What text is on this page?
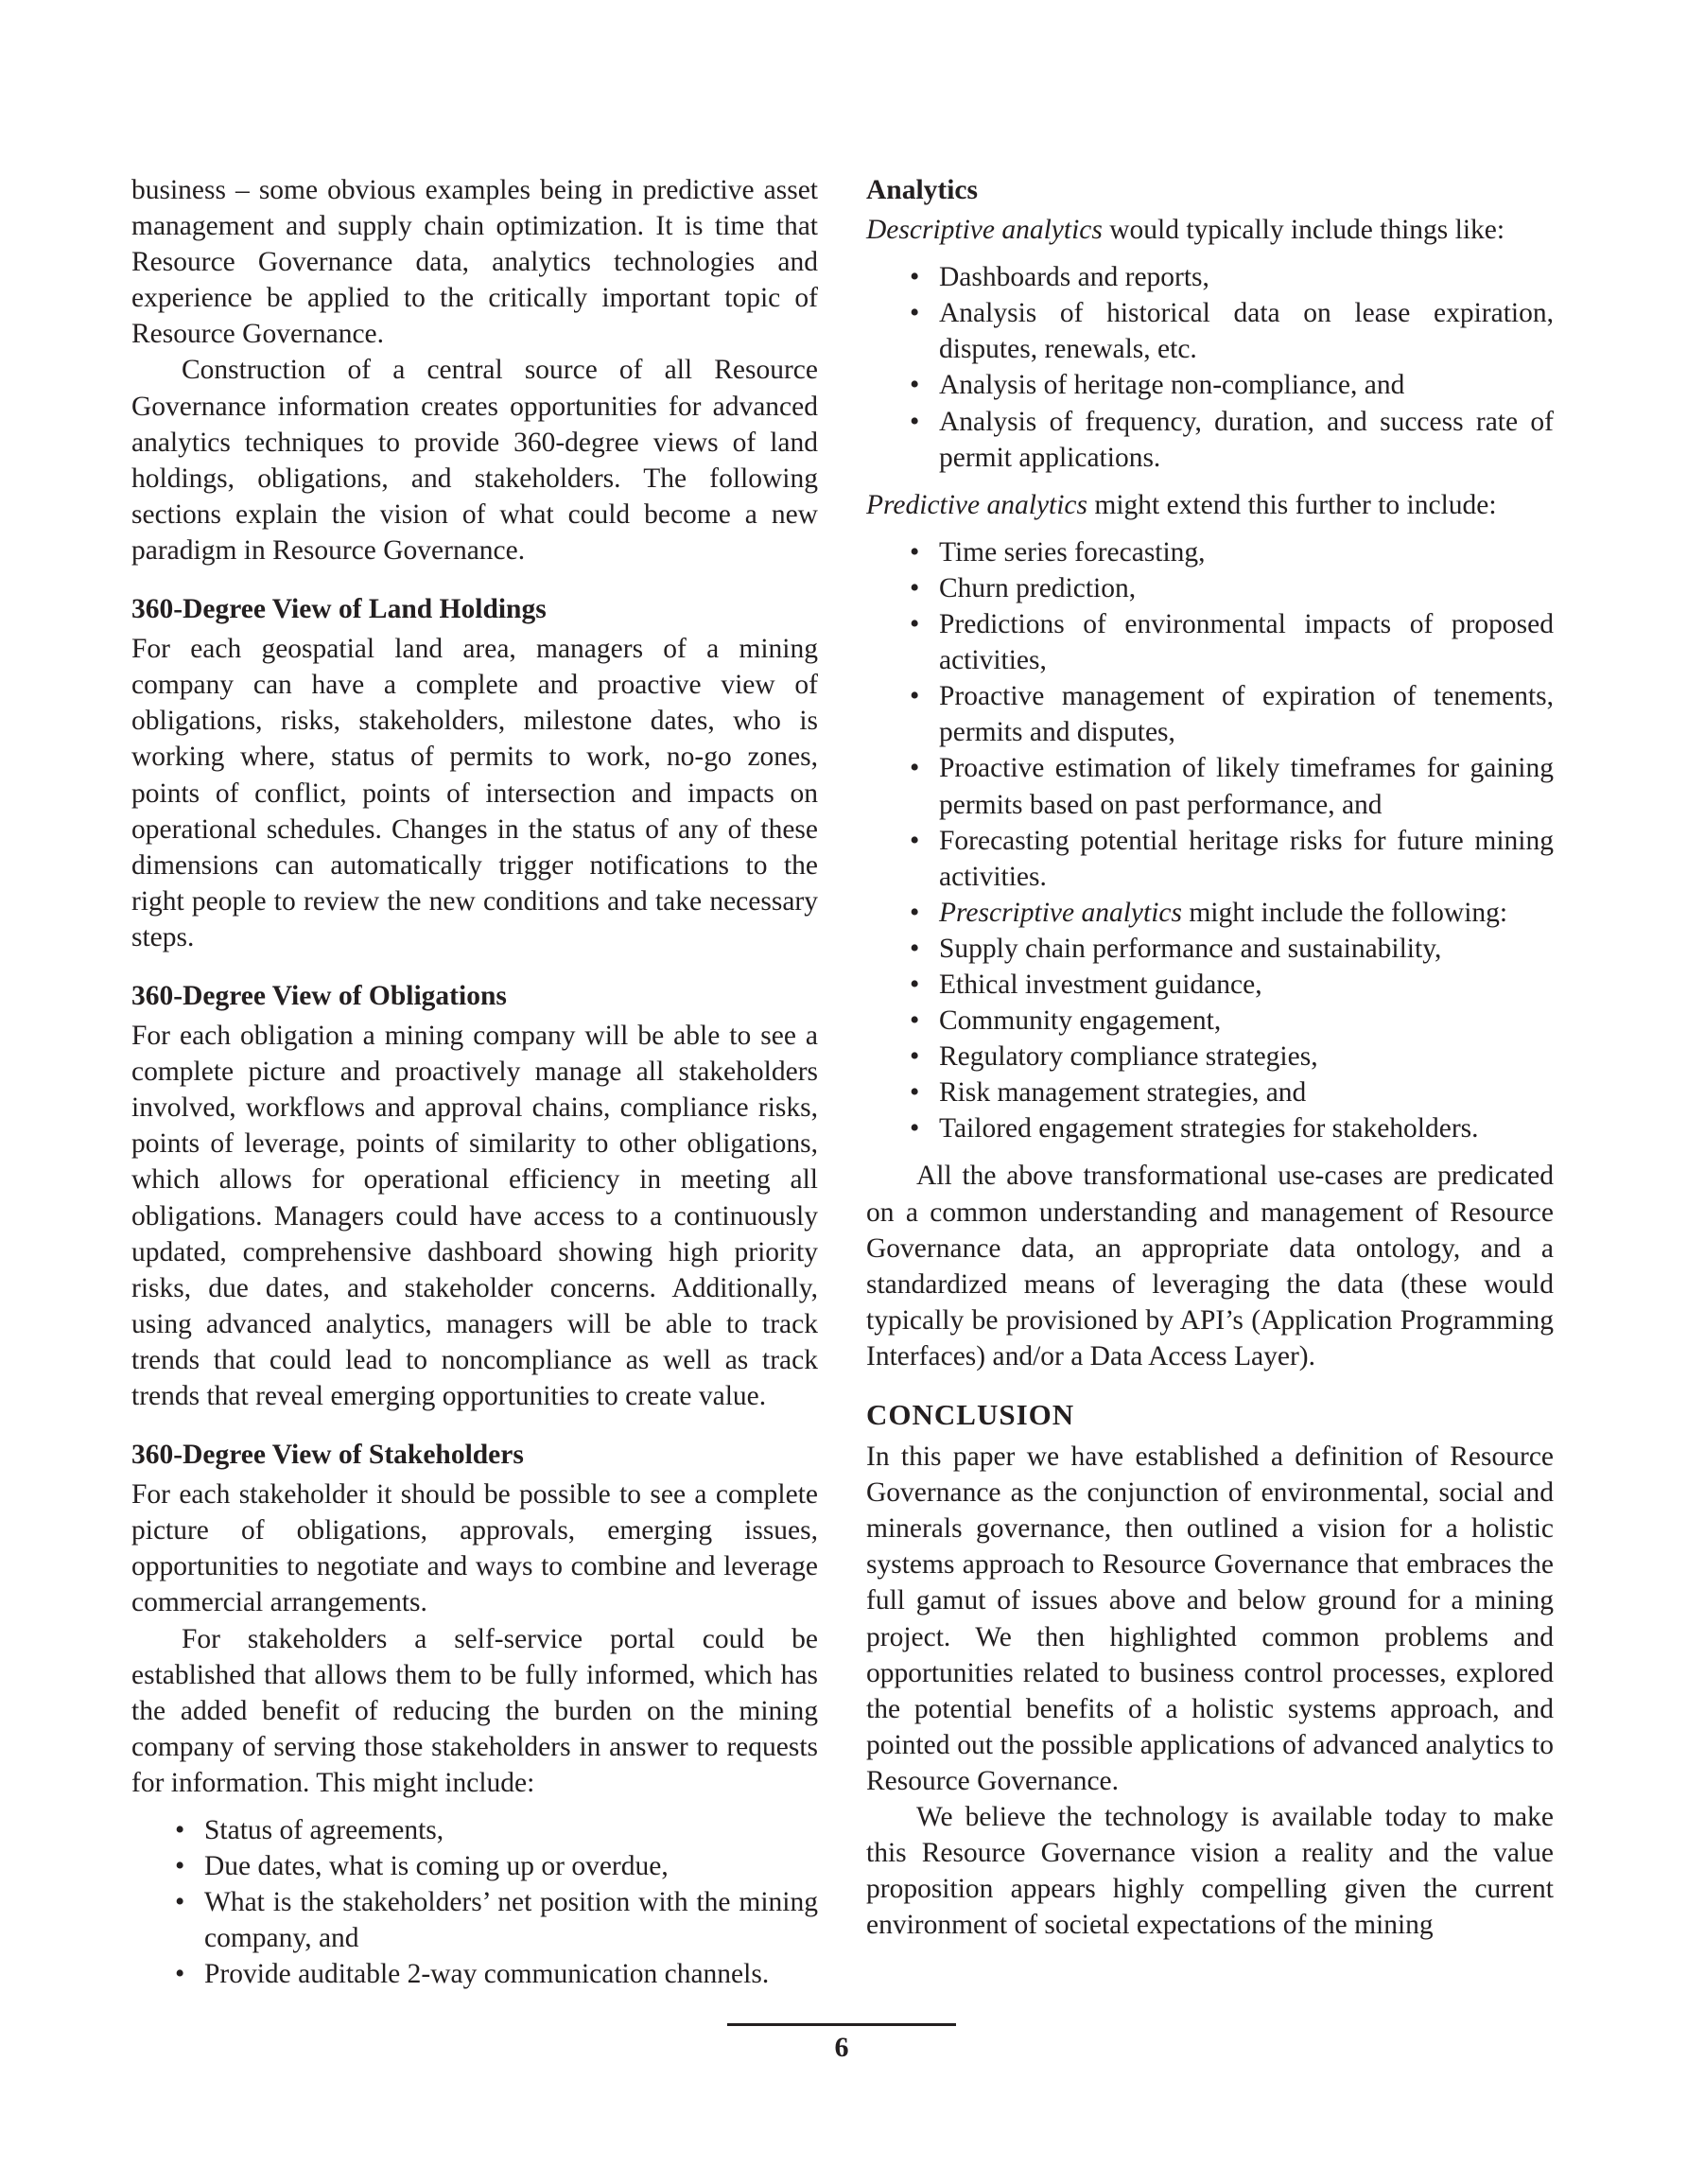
business – some obvious examples being in predictive asset management and supply chain optimization. It is time that Resource Governance data, analytics technologies and experience be applied to the critically important topic of Resource Governance.

Construction of a central source of all Resource Governance information creates opportunities for advanced analytics techniques to provide 360-degree views of land holdings, obligations, and stakeholders. The following sections explain the vision of what could become a new paradigm in Resource Governance.

360-Degree View of Land Holdings

For each geospatial land area, managers of a mining company can have a complete and proactive view of obligations, risks, stakeholders, milestone dates, who is working where, status of permits to work, no-go zones, points of conflict, points of intersection and impacts on operational schedules. Changes in the status of any of these dimensions can automatically trigger notifications to the right people to review the new conditions and take necessary steps.

360-Degree View of Obligations

For each obligation a mining company will be able to see a complete picture and proactively manage all stakeholders involved, workflows and approval chains, compliance risks, points of leverage, points of similarity to other obligations, which allows for operational efficiency in meeting all obligations. Managers could have access to a continuously updated, comprehensive dashboard showing high priority risks, due dates, and stakeholder concerns. Additionally, using advanced analytics, managers will be able to track trends that could lead to noncompliance as well as track trends that reveal emerging opportunities to create value.

360-Degree View of Stakeholders

For each stakeholder it should be possible to see a complete picture of obligations, approvals, emerging issues, opportunities to negotiate and ways to combine and leverage commercial arrangements.

For stakeholders a self-service portal could be established that allows them to be fully informed, which has the added benefit of reducing the burden on the mining company of serving those stakeholders in answer to requests for information. This might include:

• Status of agreements,
• Due dates, what is coming up or overdue,
• What is the stakeholders’ net position with the mining company, and
• Provide auditable 2-way communication channels.
Analytics

Descriptive analytics would typically include things like:

• Dashboards and reports,
• Analysis of historical data on lease expiration, disputes, renewals, etc.
• Analysis of heritage non-compliance, and
• Analysis of frequency, duration, and success rate of permit applications.

Predictive analytics might extend this further to include:

• Time series forecasting,
• Churn prediction,
• Predictions of environmental impacts of proposed activities,
• Proactive management of expiration of tenements, permits and disputes,
• Proactive estimation of likely timeframes for gaining permits based on past performance, and
• Forecasting potential heritage risks for future mining activities.
• Prescriptive analytics might include the following:
• Supply chain performance and sustainability,
• Ethical investment guidance,
• Community engagement,
• Regulatory compliance strategies,
• Risk management strategies, and
• Tailored engagement strategies for stakeholders.

All the above transformational use-cases are predicated on a common understanding and management of Resource Governance data, an appropriate data ontology, and a standardized means of leveraging the data (these would typically be provisioned by API’s (Application Programming Interfaces) and/or a Data Access Layer).

CONCLUSION

In this paper we have established a definition of Resource Governance as the conjunction of environmental, social and minerals governance, then outlined a vision for a holistic systems approach to Resource Governance that embraces the full gamut of issues above and below ground for a mining project. We then highlighted common problems and opportunities related to business control processes, explored the potential benefits of a holistic systems approach, and pointed out the possible applications of advanced analytics to Resource Governance.

We believe the technology is available today to make this Resource Governance vision a reality and the value proposition appears highly compelling given the current environment of societal expectations of the mining

6
